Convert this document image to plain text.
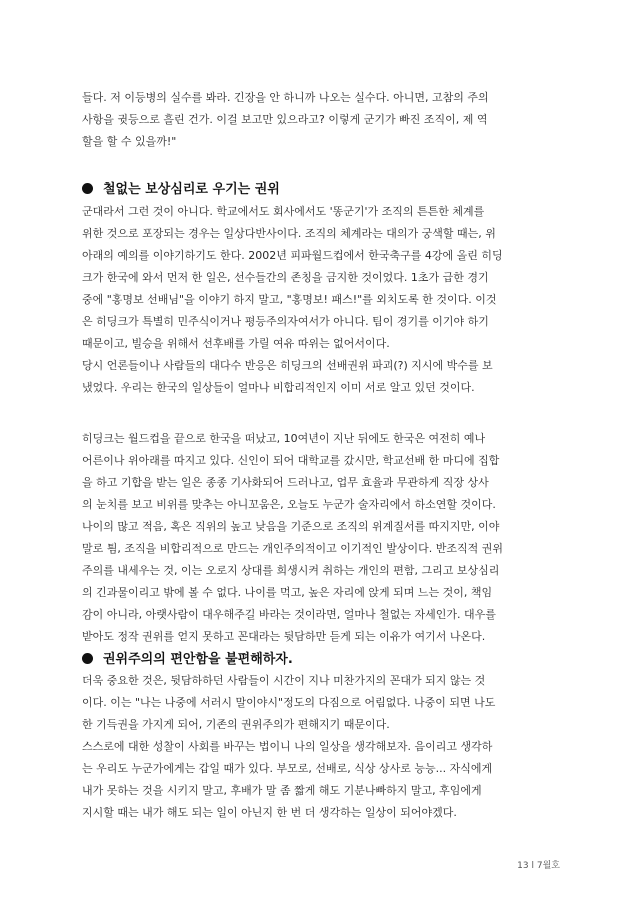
들다. 저 이등병의 실수를 봐라. 긴장을 안 하니까 나오는 실수다. 아니면, 고참의 주의
사항을 귓등으로 흘린 건가. 이걸 보고만 있으라고? 이렇게 군기가 빠진 조직이, 제 역
할을 할 수 있을까!"
철없는 보상심리로 우기는 권위
군대라서 그런 것이 아니다. 학교에서도 회사에서도 '똥군기'가 조직의 튼튼한 체계를
위한 것으로 포장되는 경우는 일상다반사이다. 조직의 체계라는 대의가 궁색할 때는, 위
아래의 예의를 이야기하기도 한다. 2002년 피파월드컵에서 한국축구를 4강에 올린 히딩
크가 한국에 와서 먼저 한 일은, 선수들간의 존칭을 금지한 것이었다. 1초가 급한 경기
중에 "홍명보 선배님"을 이야기 하지 말고, "홍명보! 패스!"를 외치도록 한 것이다. 이것
은 히딩크가 특별히 민주식이거나 평등주의자여서가 아니다. 팀이 경기를 이기야 하기
때문이고, 빌승을 위해서 선후배를 가릴 여유 따위는 없어서이다.
당시 언론들이나 사람들의 대다수 반응은 히딩크의 선배권위 파괴(?) 지시에 박수를 보
냈었다. 우리는 한국의 일상들이 얼마나 비합리적인지 이미 서로 알고 있던 것이다.
히딩크는 월드컵을 끝으로 한국을 떠났고, 10여년이 지난 뒤에도 한국은 여전히 예나
어른이나 위아래를 따지고 있다. 신인이 되어 대학교를 갔시만, 학교선배 한 마디에 집합
을 하고 기합을 받는 일은 종종 기사화되어 드러나고, 업무 효율과 무관하게 직장 상사
의 눈치를 보고 비위를 맞추는 아니꼬움은, 오늘도 누군가 술자리에서 하소연할 것이다.
나이의 많고 적음, 혹은 직위의 높고 낮음을 기준으로 조직의 위계질서를 따지지만, 이야
말로 틤, 조직을 비합리적으로 만드는 개인주의적이고 이기적인 발상이다. 반조직적 권위
주의를 내세우는 것, 이는 오로지 상대를 희생시켜 취하는 개인의 편함, 그리고 보상심리
의 긴과물이리고 밖에 볼 수 없다. 나이를 먹고, 높은 자리에 앉게 되며 느는 것이, 책임
감이 아니라, 아랫사람이 대우해주길 바라는 것이라면, 얼마나 철없는 자세인가. 대우를
받아도 정작 권위를 얻지 못하고 꼰대라는 뒷담하만 듣게 되는 이유가 여기서 나온다.
권위주의의 편안함을 불편해하자.
더욱 중요한 것은, 뒷담하하던 사람들이 시간이 지나 미찬가지의 꼰대가 되지 않는 것
이다. 이는 "나는 나중에 서러시 말이야시"정도의 다짐으로 어림없다. 나중이 되면 나도
한 기득권을 가지게 되어, 기존의 권위주의가 편해지기 때문이다.
스스로에 대한 성찰이 사회를 바꾸는 법이니 나의 일상을 생각해보자. 음이리고 생각하
는 우리도 누군가에게는 갑일 때가 있다. 부모로, 선배로, 식상 상사로 능능... 자식에게
내가 못하는 것을 시키지 말고, 후배가 말 좀 짧게 해도 기분나빠하지 말고, 후임에게
지시할 때는 내가 해도 되는 일이 아닌지 한 번 더 생각하는 일상이 되어야겠다.
13 l 7월호
